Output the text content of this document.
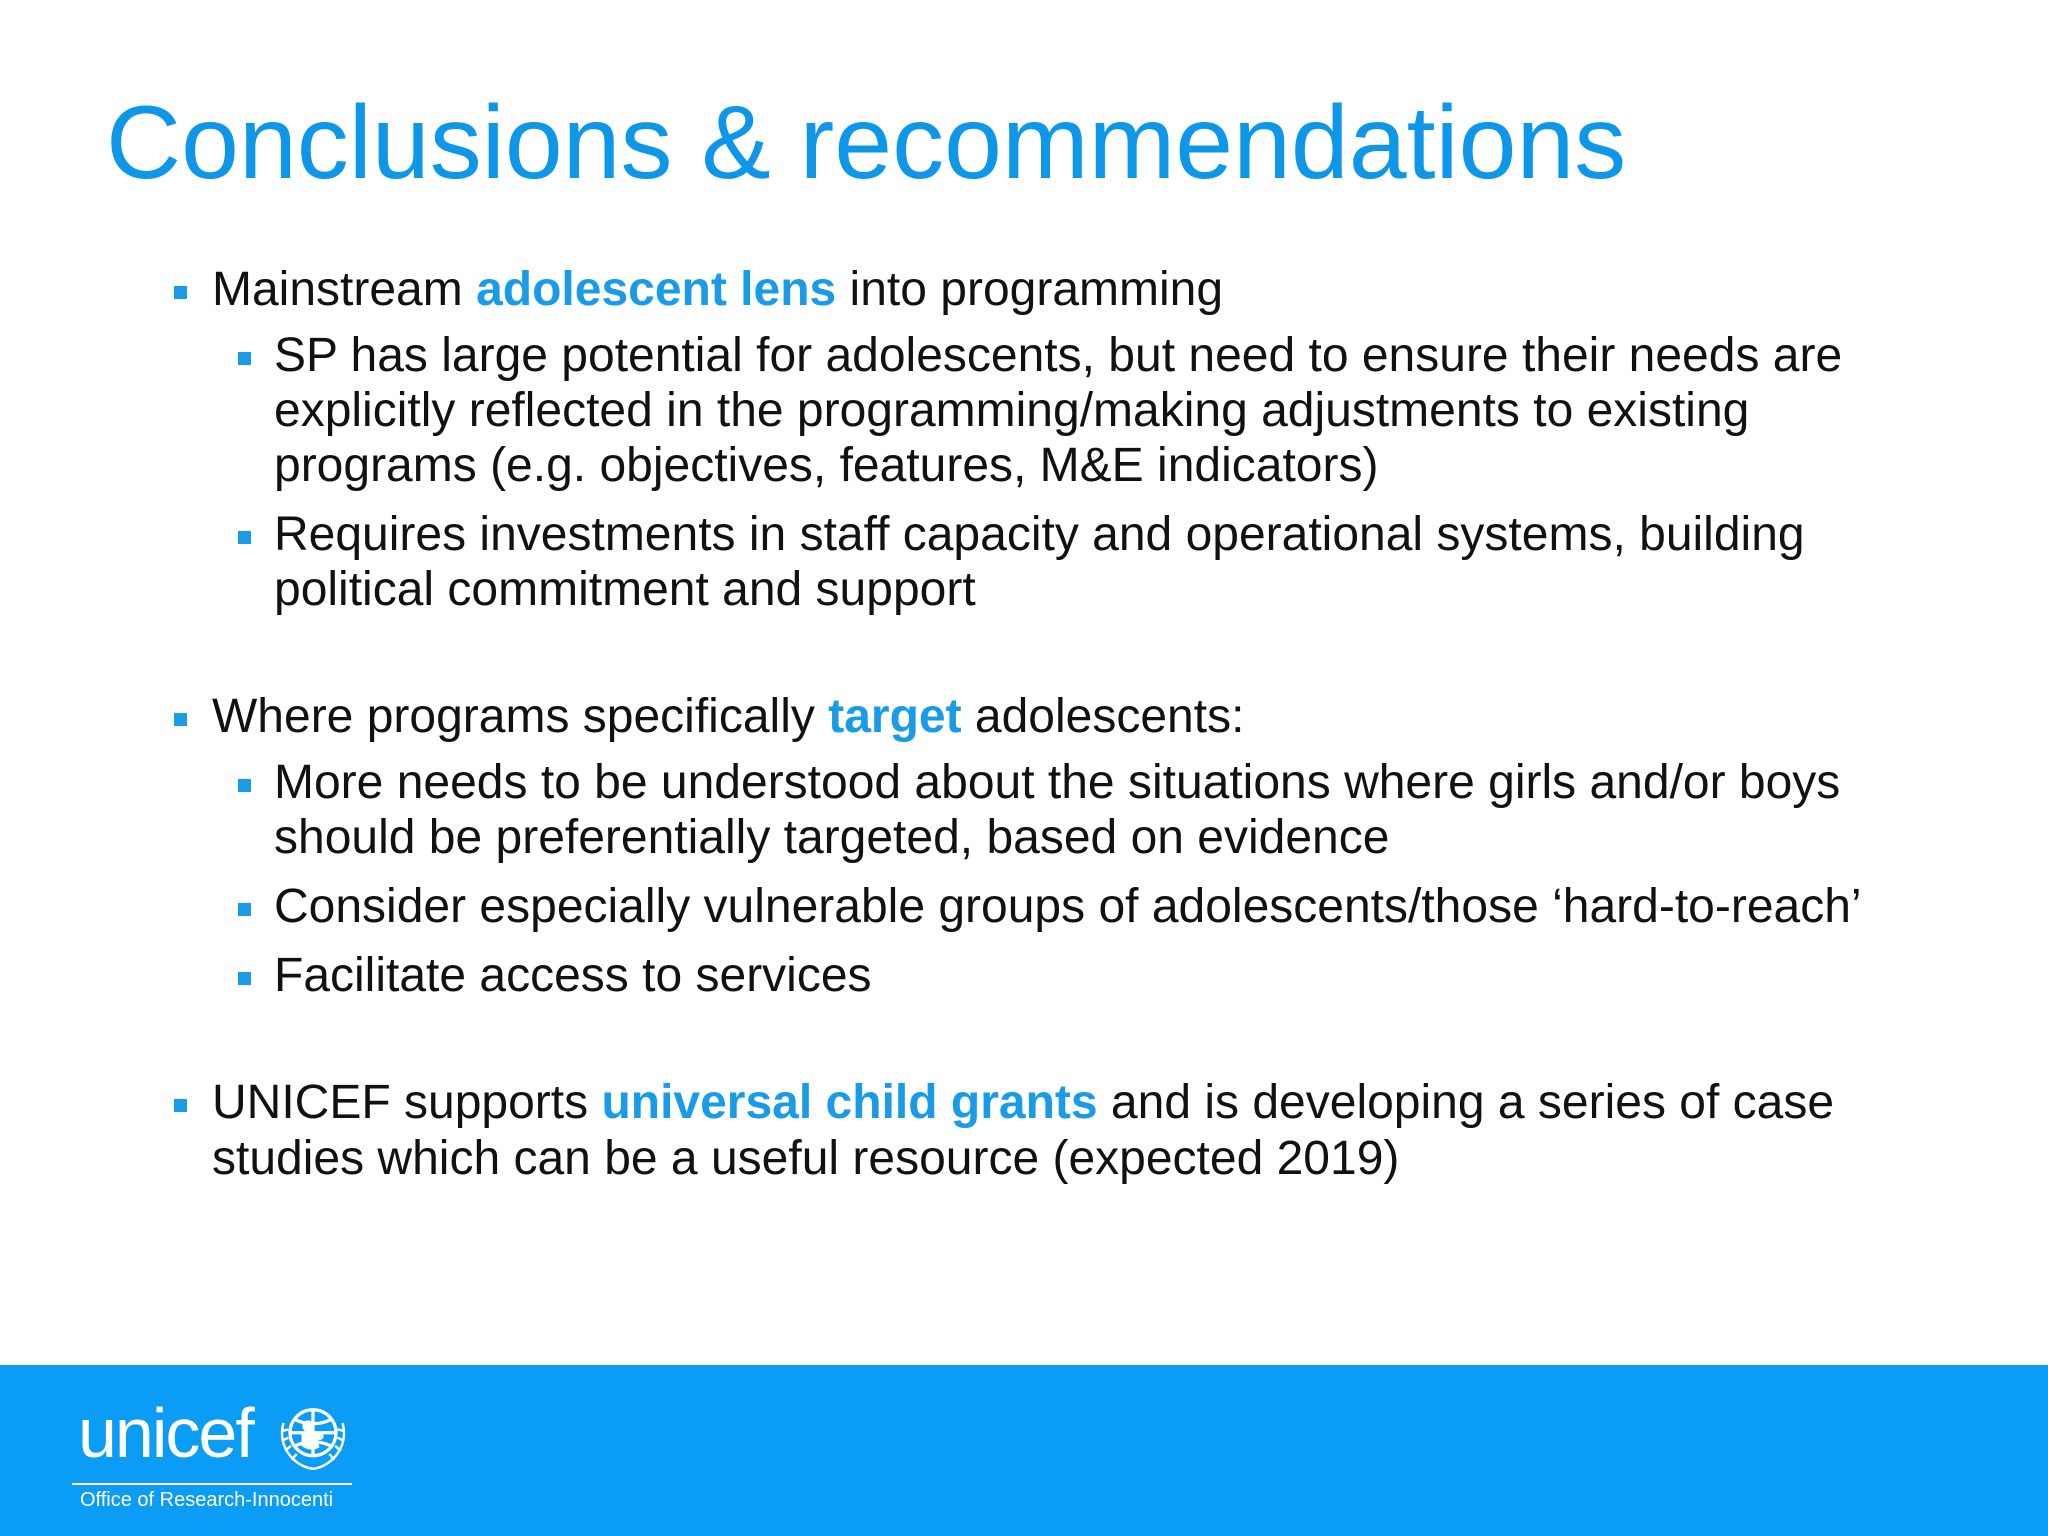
Conclusions & recommendations
Mainstream adolescent lens into programming
SP has large potential for adolescents, but need to ensure their needs are explicitly reflected in the programming/making adjustments to existing programs (e.g. objectives, features, M&E indicators)
Requires investments in staff capacity and operational systems, building political commitment and support
Where programs specifically target adolescents:
More needs to be understood about the situations where girls and/or boys should be preferentially targeted, based on evidence
Consider especially vulnerable groups of adolescents/those ‘hard-to-reach’
Facilitate access to services
UNICEF supports universal child grants and is developing a series of case studies which can be a useful resource (expected 2019)
unicef
Office of Research-Innocenti
